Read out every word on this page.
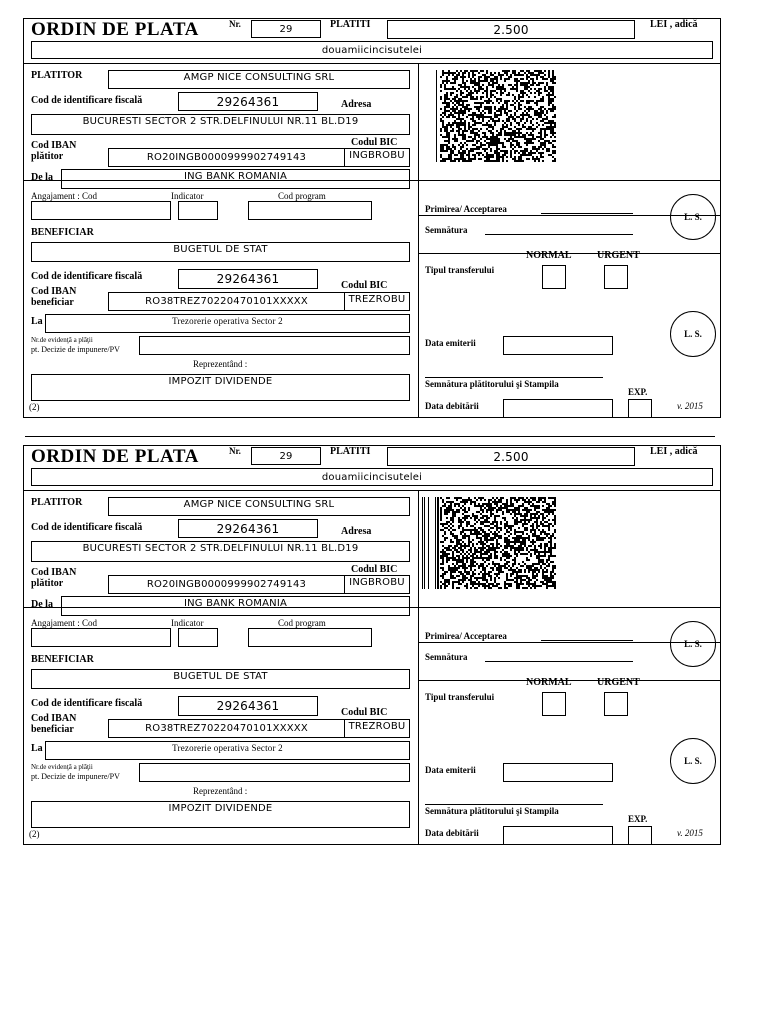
ORDIN DE PLATA	Nr.	29	PLATITI	2.500	LEI , adică
douamiicincisutelei
PLATITOR	AMGP NICE CONSULTING SRL
Cod de identificare fiscală	29264361	Adresa
BUCURESTI SECTOR 2 STR.DELFINULUI NR.11 BL.D19
Cod IBAN
plătitor
Codul BIC
RO20INGB0000999902749143	INGBROBU
De la	ING BANK ROMANIA
Angajament : Cod	Indicator	Cod program
Primirea/ Acceptarea
Semnătura
L. S.
BENEFICIAR
BUGETUL DE STAT
Cod de identificare fiscală	29264361	Codul BIC
Cod IBAN
beneficiar	RO38TREZ70220470101XXXXX	TREZROBU
La	Trezorerie operativa Sector 2
Nr.de evidenţă a plăţii
pt. Decizie de impunere/PV
Reprezentând :
IMPOZIT DIVIDENDE
(2)
NORMAL	URGENT
Tipul transferului
Data emiterii
L. S.
Semnătura plătitorului şi Stampila
EXP.
Data debitării	v. 2015
ORDIN DE PLATA	Nr.	29	PLATITI	2.500	LEI , adică
douamiicincisutelei
PLATITOR	AMGP NICE CONSULTING SRL
Cod de identificare fiscală	29264361	Adresa
BUCURESTI SECTOR 2 STR.DELFINULUI NR.11 BL.D19
Cod IBAN
plătitor
Codul BIC
RO20INGB0000999902749143	INGBROBU
De la	ING BANK ROMANIA
Angajament : Cod	Indicator	Cod program
Primirea/ Acceptarea
Semnătura
L. S.
BENEFICIAR
BUGETUL DE STAT
Cod de identificare fiscală	29264361	Codul BIC
Cod IBAN
beneficiar	RO38TREZ70220470101XXXXX	TREZROBU
La	Trezorerie operativa Sector 2
Nr.de evidenţă a plăţii
pt. Decizie de impunere/PV
Reprezentând :
IMPOZIT DIVIDENDE
(2)
NORMAL	URGENT
Tipul transferului
Data emiterii
L. S.
Semnătura plătitorului şi Stampila
EXP.
Data debitării	v. 2015
